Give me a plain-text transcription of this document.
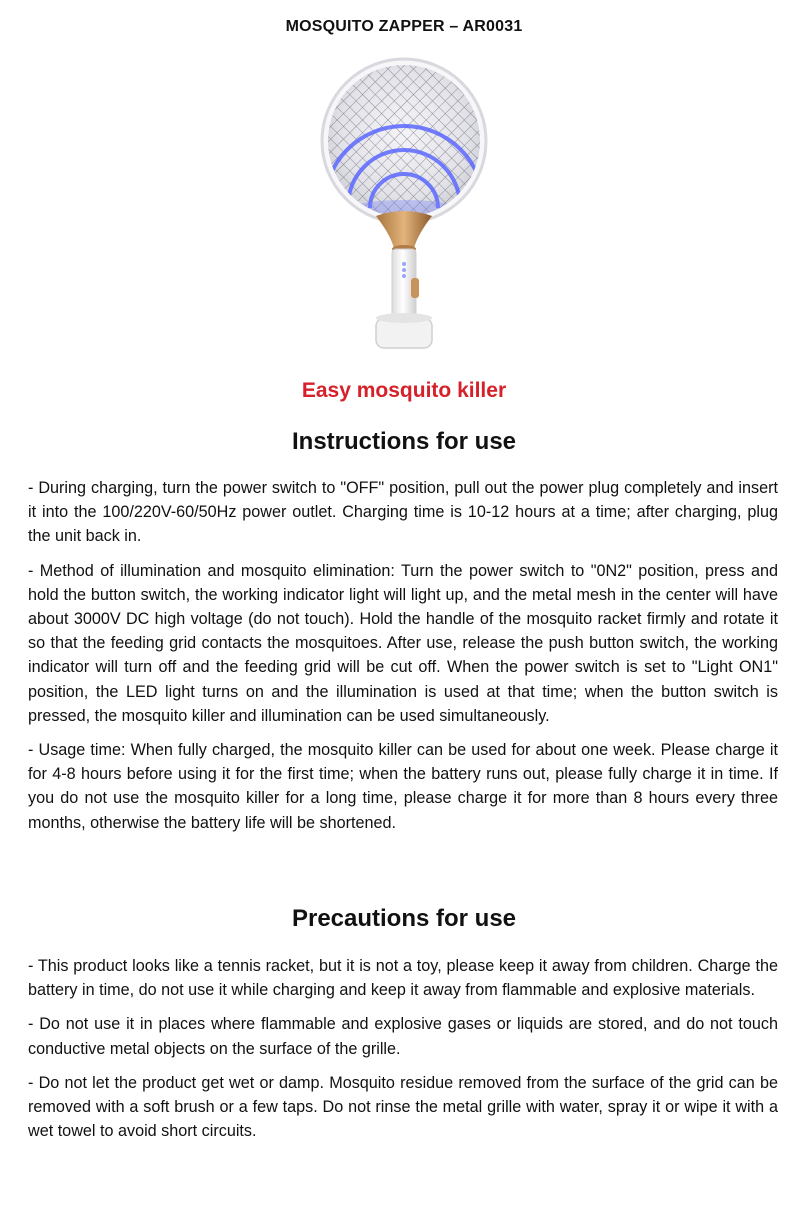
MOSQUITO ZAPPER – AR0031
Easy mosquito killer
Instructions for use

- During charging, turn the power switch to "OFF" position, pull out the power plug completely and insert it into the 100/220V-60/50Hz power outlet. Charging time is 10-12 hours at a time; after charging, plug the unit back in.

- Method of illumination and mosquito elimination: Turn the power switch to "0N2" position, press and hold the button switch, the working indicator light will light up, and the metal mesh in the center will have about 3000V DC high voltage (do not touch). Hold the handle of the mosquito racket firmly and rotate it so that the feeding grid contacts the mosquitoes. After use, release the push button switch, the working indicator will turn off and the feeding grid will be cut off. When the power switch is set to "Light ON1" position, the LED light turns on and the illumination is used at that time; when the button switch is pressed, the mosquito killer and illumination can be used simultaneously.

- Usage time: When fully charged, the mosquito killer can be used for about one week. Please charge it for 4-8 hours before using it for the first time; when the battery runs out, please fully charge it in time. If you do not use the mosquito killer for a long time, please charge it for more than 8 hours every three months, otherwise the battery life will be shortened.

Precautions for use

- This product looks like a tennis racket, but it is not a toy, please keep it away from children. Charge the battery in time, do not use it while charging and keep it away from flammable and explosive materials.

- Do not use it in places where flammable and explosive gases or liquids are stored, and do not touch conductive metal objects on the surface of the grille.

- Do not let the product get wet or damp. Mosquito residue removed from the surface of the grid can be removed with a soft brush or a few taps. Do not rinse the metal grille with water, spray it or wipe it with a wet towel to avoid short circuits.
